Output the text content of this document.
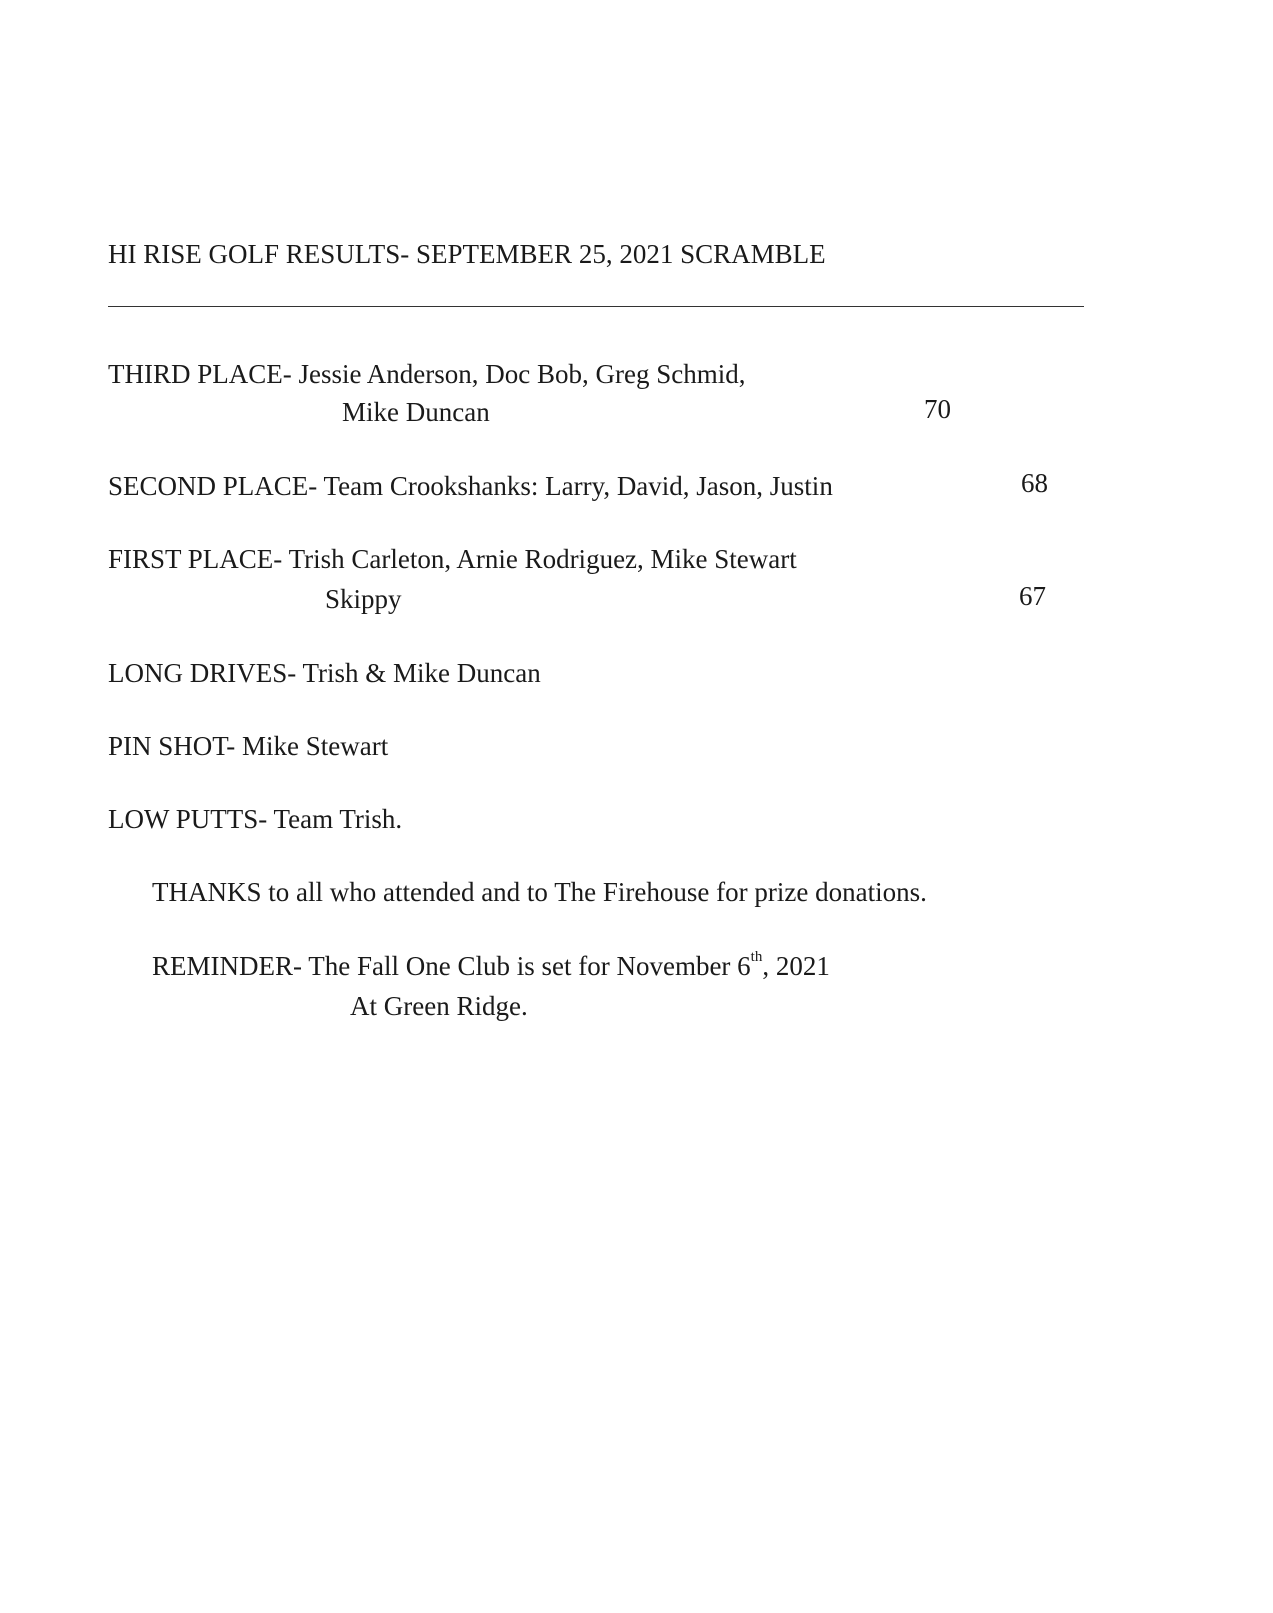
HI RISE GOLF RESULTS- SEPTEMBER 25, 2021 SCRAMBLE
THIRD PLACE- Jessie Anderson, Doc Bob, Greg Schmid,
Mike Duncan	70
SECOND PLACE- Team Crookshanks: Larry, David, Jason, Justin	68
FIRST PLACE- Trish Carleton, Arnie Rodriguez, Mike Stewart
Skippy	67
LONG DRIVES- Trish & Mike Duncan
PIN SHOT- Mike Stewart
LOW PUTTS- Team Trish.
THANKS to all who attended and to The Firehouse for prize donations.
REMINDER- The Fall One Club is set for November 6th, 2021
At Green Ridge.
